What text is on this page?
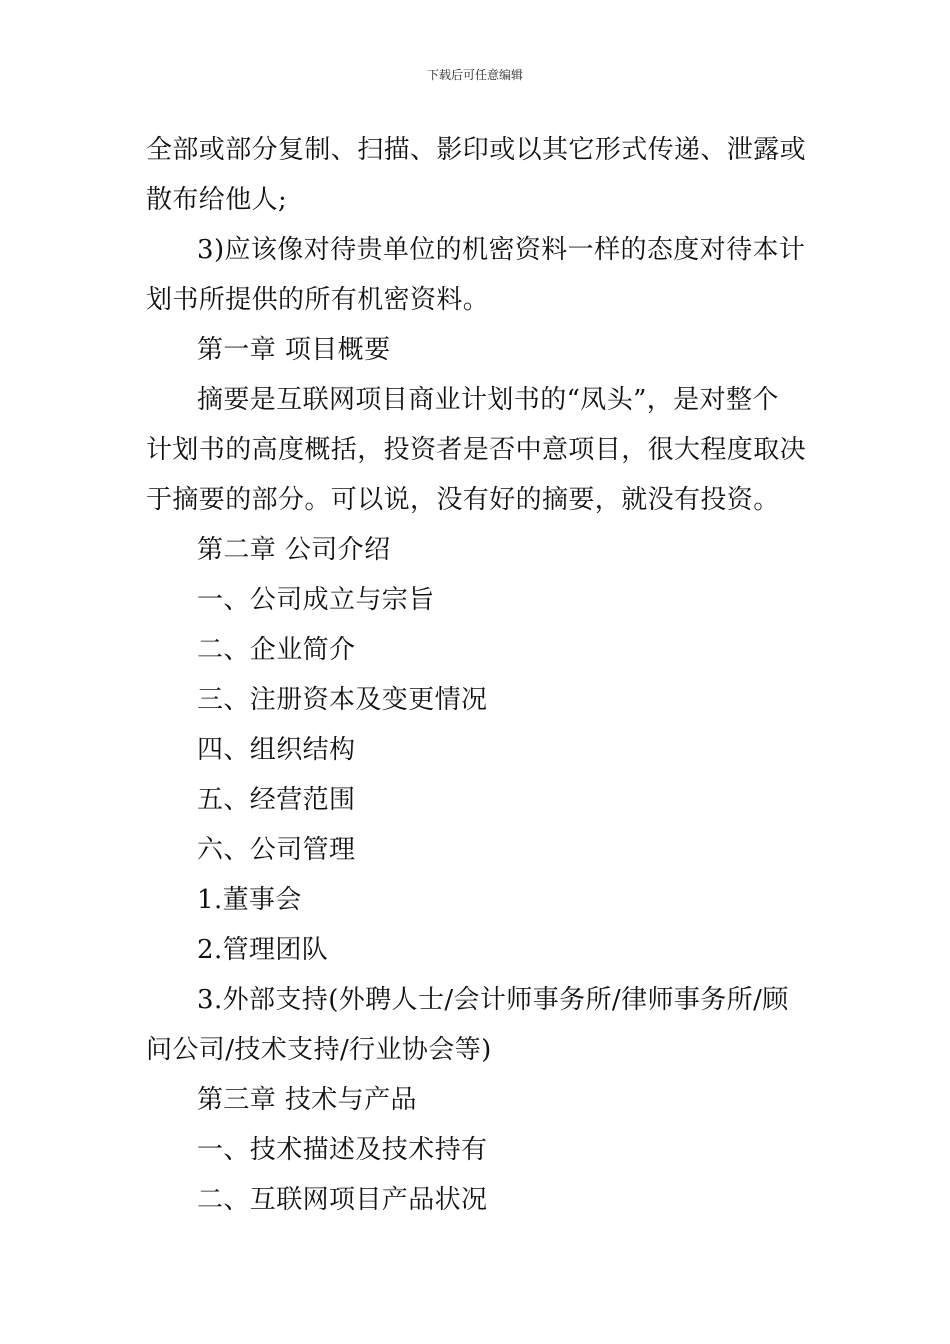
下载后可任意编辑

全部或部分复制、扫描、影印或以其它形式传递、泄露或

散布给他人;

3)应该像对待贵单位的机密资料一样的态度对待本计

划书所提供的所有机密资料。

第一章 项目概要

摘要是互联网项目商业计划书的“凤头”，是对整个

计划书的高度概括，投资者是否中意项目，很大程度取决

于摘要的部分。可以说，没有好的摘要，就没有投资。

第二章 公司介绍

一、公司成立与宗旨

二、企业简介

三、注册资本及变更情况

四、组织结构

五、经营范围

六、公司管理

1.董事会

2.管理团队

3.外部支持(外聘人士/会计师事务所/律师事务所/顾

问公司/技术支持/行业协会等)

第三章 技术与产品

一、技术描述及技术持有

二、互联网项目产品状况
